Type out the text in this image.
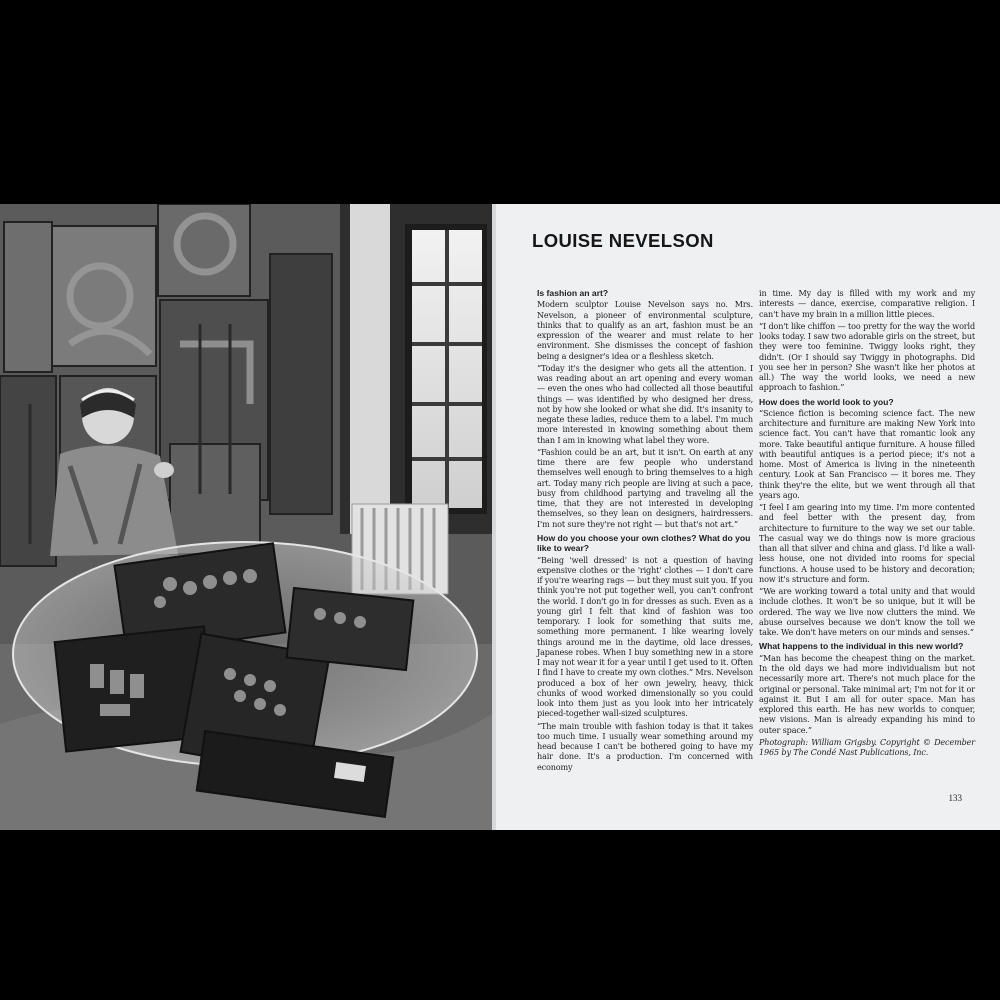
LOUISE NEVELSON
Is fashion an art?

Modern sculptor Louise Nevelson says no. Mrs. Nevelson, a pioneer of environmental sculpture, thinks that to qualify as an art, fashion must be an expression of the wearer and must relate to her environment. She dismisses the concept of fashion being a designer's idea or a fleshless sketch.

“Today it's the designer who gets all the attention. I was reading about an art opening and every woman — even the ones who had collected all those beautiful things — was identified by who designed her dress, not by how she looked or what she did. It's insanity to negate these ladies, reduce them to a label. I'm much more interested in knowing something about them than I am in knowing what label they wore.

“Fashion could be an art, but it isn't. On earth at any time there are few people who understand themselves well enough to bring themselves to a high art. Today many rich people are living at such a pace, busy from childhood partying and traveling all the time, that they are not interested in developing themselves, so they lean on designers, hairdressers. I'm not sure they're not right — but that's not art.”

How do you choose your own clothes? What do you like to wear?

“Being 'well dressed' is not a question of having expensive clothes or the 'right' clothes — I don't care if you're wearing rags — but they must suit you. If you think you're not put together well, you can't confront the world. I don't go in for dresses as such. Even as a young girl I felt that kind of fashion was too temporary. I look for something that suits me, something more permanent. I like wearing lovely things around me in the daytime, old lace dresses, Japanese robes. When I buy something new in a store I may not wear it for a year until I get used to it. Often I find I have to create my own clothes.” Mrs. Nevelson produced a box of her own jewelry, heavy, thick chunks of wood worked dimensionally so you could look into them just as you look into her intricately pieced-together wall-sized sculptures.

“The main trouble with fashion today is that it takes too much time. I usually wear something around my head because I can't be bothered going to have my hair done. It's a production. I'm concerned with economy

in time. My day is filled with my work and my interests — dance, exercise, comparative religion. I can't have my brain in a million little pieces.

“I don't like chiffon — too pretty for the way the world looks today. I saw two adorable girls on the street, but they were too feminine. Twiggy looks right, they didn't. (Or I should say Twiggy in photographs. Did you see her in person? She wasn't like her photos at all.) The way the world looks, we need a new approach to fashion.”

How does the world look to you?

“Science fiction is becoming science fact. The new architecture and furniture are making New York into science fact. You can't have that romantic look any more. Take beautiful antique furniture. A house filled with beautiful antiques is a period piece; it's not a home. Most of America is living in the nineteenth century. Look at San Francisco — it bores me. They think they're the elite, but we went through all that years ago.

“I feel I am gearing into my time. I'm more contented and feel better with the present day, from architecture to furniture to the way we set our table. The casual way we do things now is more gracious than all that silver and china and glass. I'd like a wall-less house, one not divided into rooms for special functions. A house used to be history and decoration; now it's structure and form.

“We are working toward a total unity and that would include clothes. It won't be so unique, but it will be ordered. The way we live now clutters the mind. We abuse ourselves because we don't know the toll we take. We don't have meters on our minds and senses.”

What happens to the individual in this new world?

“Man has become the cheapest thing on the market. In the old days we had more individualism but not necessarily more art. There's not much place for the original or personal. Take minimal art; I'm not for it or against it. But I am all for outer space. Man has explored this earth. He has new worlds to conquer, new visions. Man is already expanding his mind to outer space.”

Photograph: William Grigsby. Copyright © December 1965 by The Condé Nast Publications, Inc.

133
